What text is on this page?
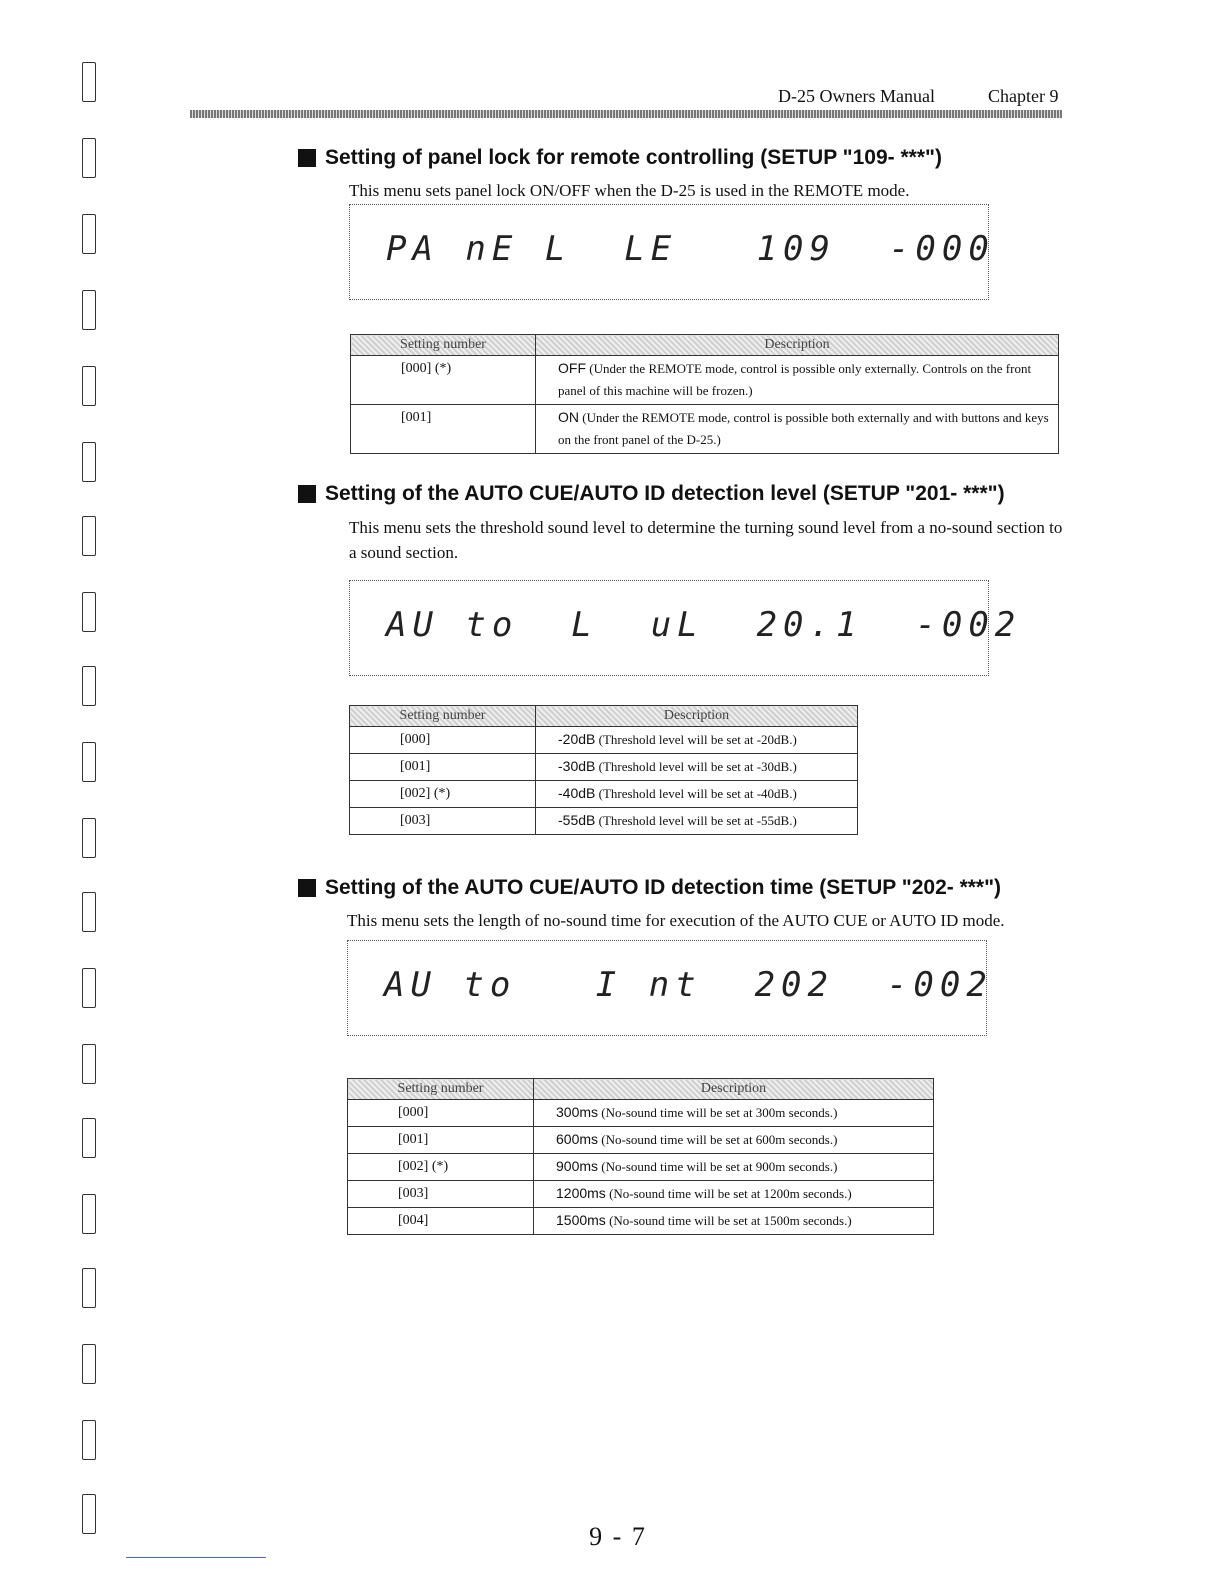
D-25 Owners Manual	Chapter 9
Setting of panel lock for remote controlling (SETUP "109- ***")
This menu sets panel lock ON/OFF when the D-25 is used in the REMOTE mode.
PA nE L  LE   109  -000
Setting number	Description
[000] (*)	OFF (Under the REMOTE mode, control is possible only externally. Controls on the front panel of this machine will be frozen.)
[001]	ON (Under the REMOTE mode, control is possible both externally and with buttons and keys on the front panel of the D-25.)
Setting of the AUTO CUE/AUTO ID detection level (SETUP "201- ***")
This menu sets the threshold sound level to determine the turning sound level from a no-sound section to a sound section.
AU to  L  uL  20.1  -002
Setting number	Description
[000]	-20dB (Threshold level will be set at -20dB.)
[001]	-30dB (Threshold level will be set at -30dB.)
[002] (*)	-40dB (Threshold level will be set at -40dB.)
[003]	-55dB (Threshold level will be set at -55dB.)
Setting of the AUTO CUE/AUTO ID detection time (SETUP "202- ***")
This menu sets the length of no-sound time for execution of the AUTO CUE or AUTO ID mode.
AU to   I nt  202  -002
Setting number	Description
[000]	300ms (No-sound time will be set at 300m seconds.)
[001]	600ms (No-sound time will be set at 600m seconds.)
[002] (*)	900ms (No-sound time will be set at 900m seconds.)
[003]	1200ms (No-sound time will be set at 1200m seconds.)
[004]	1500ms (No-sound time will be set at 1500m seconds.)
9 - 7
